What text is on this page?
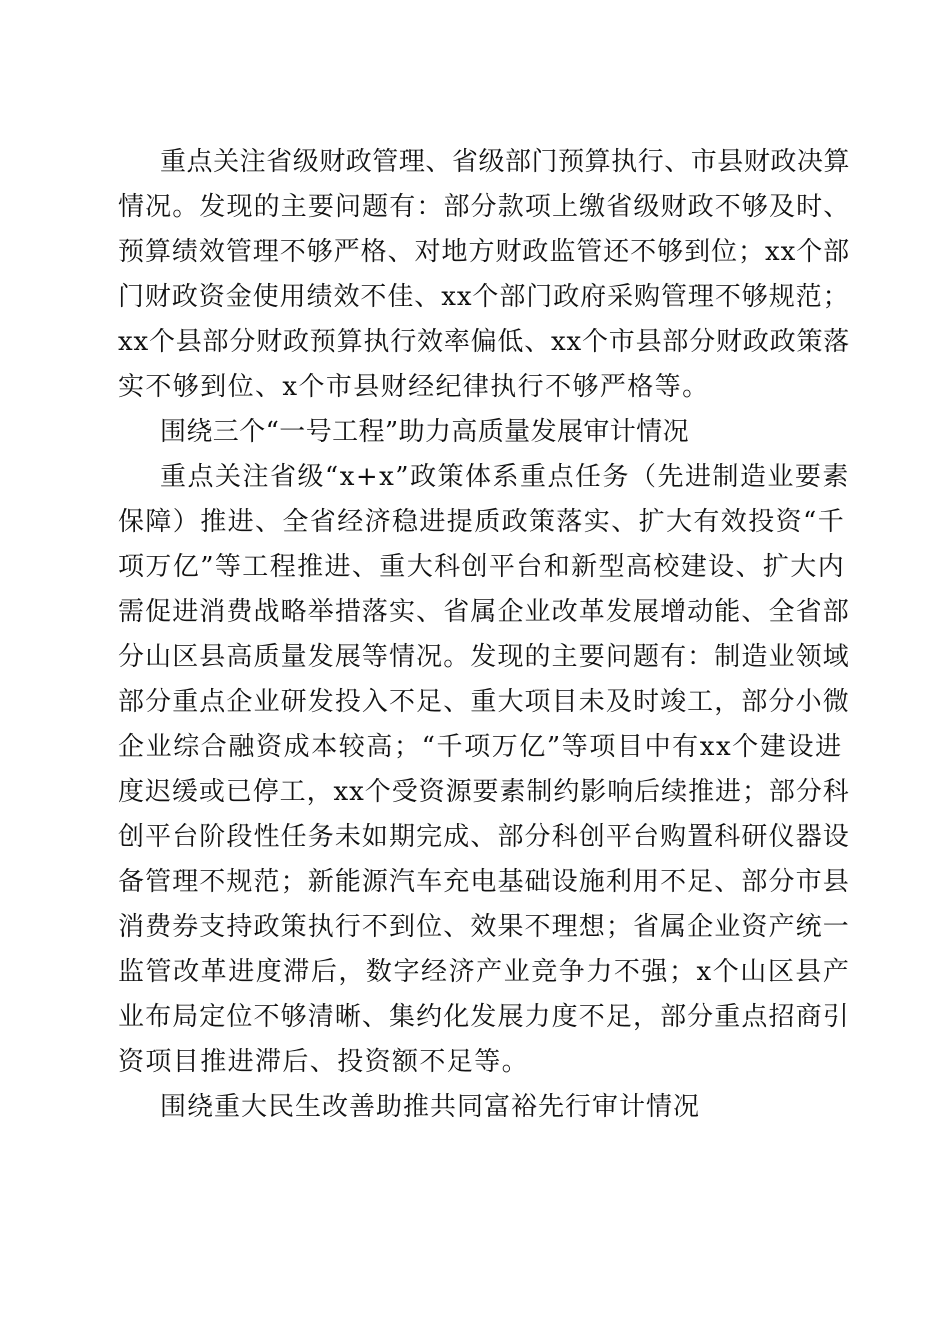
重点关注省级财政管理、省级部门预算执行、市县财政决算
情况。发现的主要问题有：部分款项上缴省级财政不够及时、
预算绩效管理不够严格、对地方财政监管还不够到位；xx个部
门财政资金使用绩效不佳、xx个部门政府采购管理不够规范；
xx个县部分财政预算执行效率偏低、xx个市县部分财政政策落
实不够到位、x个市县财经纪律执行不够严格等。
围绕三个“一号工程”助力高质量发展审计情况
重点关注省级“x+x”政策体系重点任务（先进制造业要素
保障）推进、全省经济稳进提质政策落实、扩大有效投资“千
项万亿”等工程推进、重大科创平台和新型高校建设、扩大内
需促进消费战略举措落实、省属企业改革发展增动能、全省部
分山区县高质量发展等情况。发现的主要问题有：制造业领域
部分重点企业研发投入不足、重大项目未及时竣工，部分小微
企业综合融资成本较高；“千项万亿”等项目中有xx个建设进
度迟缓或已停工，xx个受资源要素制约影响后续推进；部分科
创平台阶段性任务未如期完成、部分科创平台购置科研仪器设
备管理不规范；新能源汽车充电基础设施利用不足、部分市县
消费券支持政策执行不到位、效果不理想；省属企业资产统一
监管改革进度滞后，数字经济产业竞争力不强；x个山区县产
业布局定位不够清晰、集约化发展力度不足，部分重点招商引
资项目推进滞后、投资额不足等。
围绕重大民生改善助推共同富裕先行审计情况
